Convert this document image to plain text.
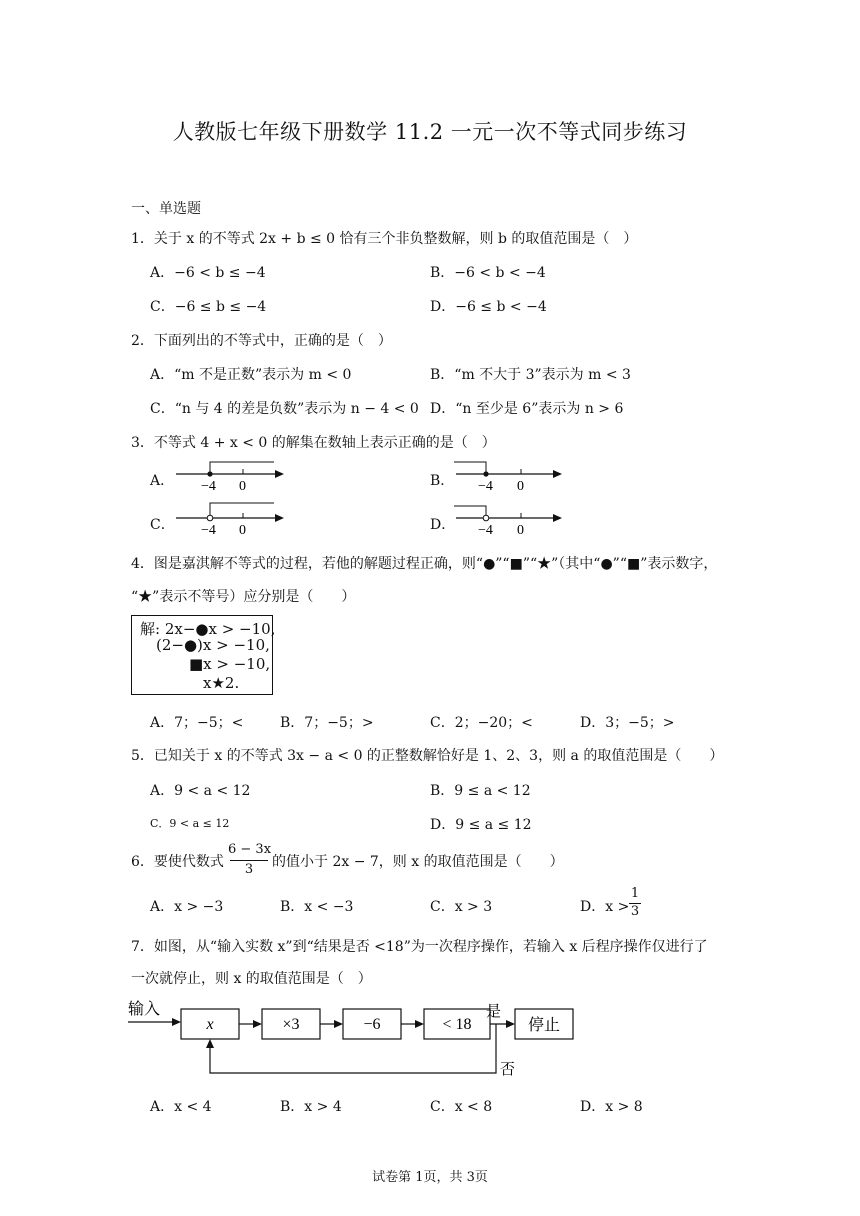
人教版七年级下册数学 11.2 一元一次不等式同步练习
一、单选题
1．关于 x 的不等式 2x + b ≤ 0 恰有三个非负整数解，则 b 的取值范围是（　）
A．−6 < b ≤ −4	B．−6 < b < −4
C．−6 ≤ b ≤ −4	D．−6 ≤ b < −4
2．下面列出的不等式中，正确的是（　）
A．“m 不是正数”表示为 m < 0	B．“m 不大于 3”表示为 m < 3
C．“n 与 4 的差是负数”表示为 n − 4 < 0 D．“n 至少是 6”表示为 n > 6
3．不等式 4 + x < 0 的解集在数轴上表示正确的是（　）
A．	B．
C．	D．
−4 0	−4 0
−4 0	−4 0
4．图是嘉淇解不等式的过程，若他的解题过程正确，则“●”“■”“★”（其中“●”“■”表示数字，
“★”表示不等号）应分别是（　　）
解: 2x−●x > −10,
(2−●)x > −10,
■x > −10,
x★2.
A．7；−5；<	B．7；−5；>	C．2；−20；<	D．3；−5；>
5．已知关于 x 的不等式 3x − a < 0 的正整数解恰好是 1、2、3，则 a 的取值范围是（　　）
A．9 < a < 12	B．9 ≤ a < 12
C．9 < a ≤ 12	D．9 ≤ a ≤ 12
6．要使代数式
6 − 3x
3	的值小于 2x − 7，则 x 的取值范围是（　　）
A．x > −3	B．x < −3	C．x > 3	D．x >
1
3
7．如图，从“输入实数 x”到“结果是否 <18”为一次程序操作，若输入 x 后程序操作仅进行了
一次就停止，则 x 的取值范围是（　）
输入
x	×3	−6	< 18
是
停止
否
A．x < 4	B．x > 4	C．x < 8	D．x > 8
试卷第 1页，共 3页
